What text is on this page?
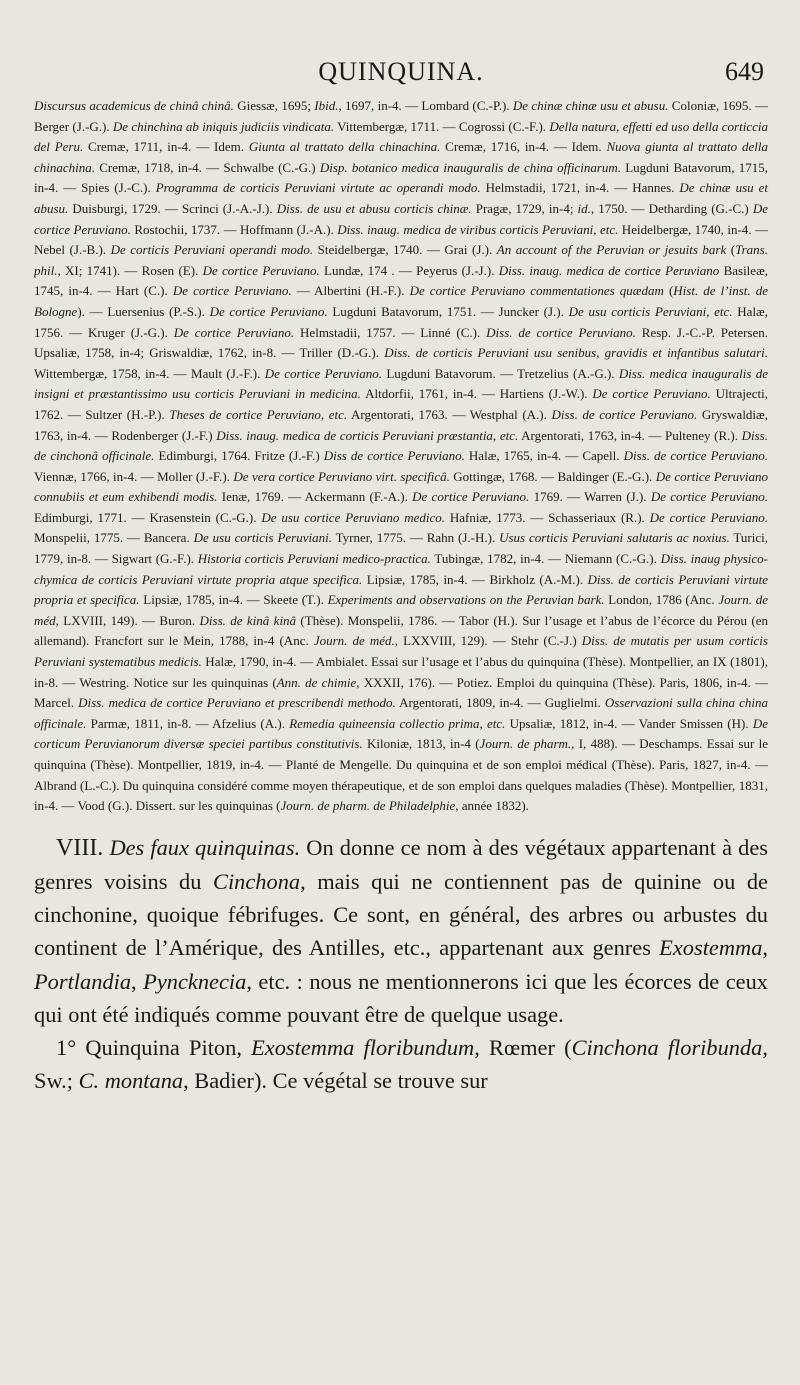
QUINQUINA.	649
Discursus academicus de chinâ chinâ. Giessæ, 1695; Ibid., 1697, in-4. — Lombard (C.-P.). De chinæ chinæ usu et abusu. Coloniæ, 1695. — Berger (J.-G.). De chinchina ab iniquis judiciis vindicata. Vittembergæ, 1711. — Cogrossi (C.-F.). Della natura, effetti ed uso della corticcia del Peru. Cremæ, 1711, in-4. — Idem. Giunta al trattato della chinachina. Cremæ, 1716, in-4. — Idem. Nuova giunta al trattato della chinachina. Cremæ, 1718, in-4. — Schwalbe (C.-G.) Disp. botanico medica inauguralis de china officinarum. Lugduni Batavorum, 1715, in-4. — Spies (J.-C.). Programma de corticis Peruviani virtute ac operandi modo. Helmstadii, 1721, in-4. — Hannes. De chinæ usu et abusu. Duisburgi, 1729. — Scrinci (J.-A.-J.). Diss. de usu et abusu corticis chinæ. Pragæ, 1729, in-4; id., 1750. — Detharding (G.-C.) De cortice Peruviano. Rostochii, 1737. — Hoffmann (J.-A.). Diss. inaug. medica de viribus corticis Peruviani, etc. Heidelbergæ, 1740, in-4. — Nebel (J.-B.). De corticis Peruviani operandi modo. Steidelbergæ, 1740. — Grai (J.). An account of the Peruvian or jesuits bark (Trans. phil., XI; 1741). — Rosen (E). De cortice Peruviano. Lundæ, 174 . — Peyerus (J.-J.). Diss. inaug. medica de cortice Peruviano Basileæ, 1745, in-4. — Hart (C.). De cortice Peruviano. — Albertini (H.-F.). De cortice Peruviano commentationes quædam (Hist. de l’inst. de Bologne). — Luersenius (P.-S.). De cortice Peruviano. Lugduni Batavorum, 1751. — Juncker (J.). De usu corticis Peruviani, etc. Halæ, 1756. — Kruger (J.-G.). De cortice Peruviano. Helmstadii, 1757. — Linné (C.). Diss. de cortice Peruviano. Resp. J.-C.-P. Petersen. Upsaliæ, 1758, in-4; Griswaldiæ, 1762, in-8. — Triller (D.-G.). Diss. de corticis Peruviani usu senibus, gravidis et infantibus salutari. Wittembergæ, 1758, in-4. — Mault (J.-F.). De cortice Peruviano. Lugduni Batavorum. — Tretzelius (A.-G.). Diss. medica inauguralis de insigni et præstantissimo usu corticis Peruviani in medicina. Altdorfii, 1761, in-4. — Hartiens (J.-W.). De cortice Peruviano. Ultrajecti, 1762. — Sultzer (H.-P.). Theses de cortice Peruviano, etc. Argentorati, 1763. — Westphal (A.). Diss. de cortice Peruviano. Gryswaldiæ, 1763, in-4. — Rodenberger (J.-F.) Diss. inaug. medica de corticis Peruviani præstantia, etc. Argentorati, 1763, in-4. — Pulteney (R.). Diss. de cinchonâ officinale. Edimburgi, 1764. Fritze (J.-F.) Diss de cortice Peruviano. Halæ, 1765, in-4. — Capell. Diss. de cortice Peruviano. Viennæ, 1766, in-4. — Moller (J.-F.). De vera cortice Peruviano virt. specificâ. Gottingæ, 1768. — Baldinger (E.-G.). De cortice Peruviano connubiis et eum exhibendi modis. Ienæ, 1769. — Ackermann (F.-A.). De cortice Peruviano. 1769. — Warren (J.). De cortice Peruviano. Edimburgi, 1771. — Krasenstein (C.-G.). De usu cortice Peruviano medico. Hafniæ, 1773. — Schasseriaux (R.). De cortice Peruviano. Monspelii, 1775. — Bancera. De usu corticis Peruviani. Tyrner, 1775. — Rahn (J.-H.). Usus corticis Peruviani salutaris ac noxius. Turici, 1779, in-8. — Sigwart (G.-F.). Historia corticis Peruviani medico-practica. Tubingæ, 1782, in-4. — Niemann (C.-G.). Diss. inaug physico-chymica de corticis Peruviani virtute propria atque specifica. Lipsiæ, 1785, in-4. — Birkholz (A.-M.). Diss. de corticis Peruviani virtute propria et specifica. Lipsiæ, 1785, in-4. — Skeete (T.). Experiments and observations on the Peruvian bark. London, 1786 (Anc. Journ. de méd, LXVIII, 149). — Buron. Diss. de kinâ kinâ (Thèse). Monspelii, 1786. — Tabor (H.). Sur l’usage et l’abus de l’écorce du Pérou (en allemand). Francfort sur le Mein, 1788, in-4 (Anc. Journ. de méd., LXXVIII, 129). — Stehr (C.-J.) Diss. de mutatis per usum corticis Peruviani systematibus medicis. Halæ, 1790, in-4. — Ambialet. Essai sur l’usage et l’abus du quinquina (Thèse). Montpellier, an IX (1801), in-8. — Westring. Notice sur les quinquinas (Ann. de chimie, XXXII, 176). — Potiez. Emploi du quinquina (Thèse). Paris, 1806, in-4. — Marcel. Diss. medica de cortice Peruviano et prescribendi methodo. Argentorati, 1809, in-4. — Guglielmi. Osservazioni sulla china china officinale. Parmæ, 1811, in-8. — Afzelius (A.). Remedia quineensia collectio prima, etc. Upsaliæ, 1812, in-4. — Vander Smissen (H). De corticum Peruvianorum diversæ speciei partibus constitutivis. Kiloniæ, 1813, in-4 (Journ. de pharm., I, 488). — Deschamps. Essai sur le quinquina (Thèse). Montpellier, 1819, in-4. — Planté de Mengelle. Du quinquina et de son emploi médical (Thèse). Paris, 1827, in-4. — Albrand (L.-C.). Du quinquina considéré comme moyen thérapeutique, et de son emploi dans quelques maladies (Thèse). Montpellier, 1831, in-4. — Vood (G.). Dissert. sur les quinquinas (Journ. de pharm. de Philadelphie, année 1832).

VIII. Des faux quinquinas. On donne ce nom à des végétaux appartenant à des genres voisins du Cinchona, mais qui ne contiennent pas de quinine ou de cinchonine, quoique fébrifuges. Ce sont, en général, des arbres ou arbustes du continent de l’Amérique, des Antilles, etc., appartenant aux genres Exostemma, Portlandia, Pyncknecia, etc. : nous ne mentionnerons ici que les écorces de ceux qui ont été indiqués comme pouvant être de quelque usage.

1° Quinquina Piton, Exostemma floribundum, Rœmer (Cinchona floribunda, Sw.; C. montana, Badier). Ce végétal se trouve sur
